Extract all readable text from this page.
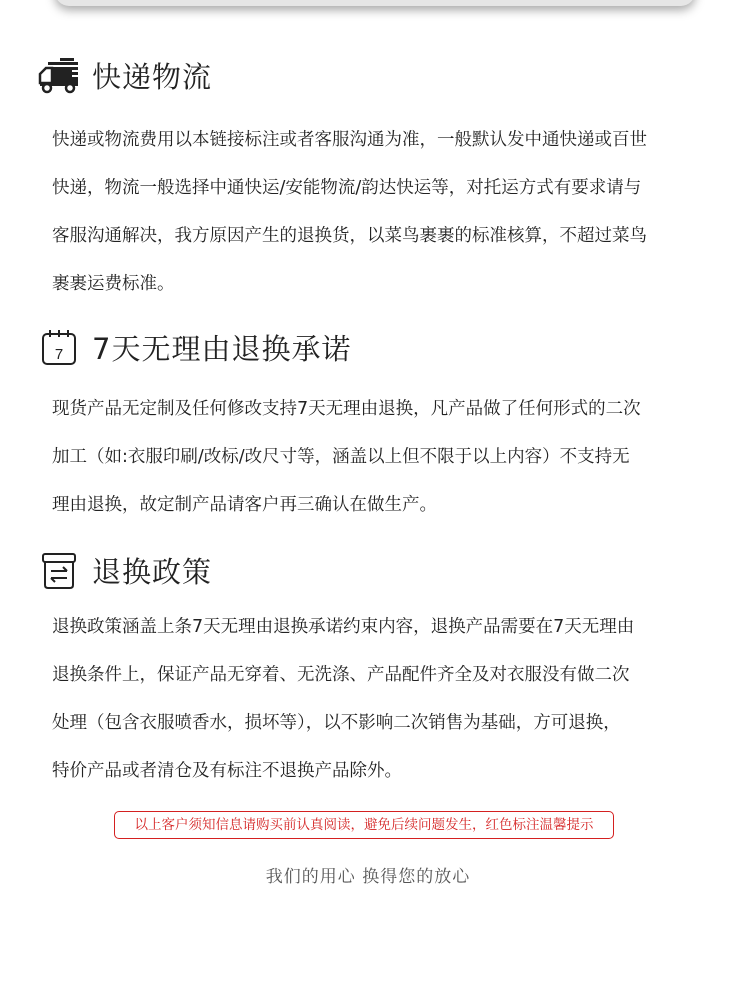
快递物流
快递或物流费用以本链接标注或者客服沟通为准，一般默认发中通快递或百世
快递，物流一般选择中通快运/安能物流/韵达快运等，对托运方式有要求请与
客服沟通解决，我方原因产生的退换货，以菜鸟裹裹的标准核算，不超过菜鸟
裹裹运费标准。
7 7天无理由退换承诺
现货产品无定制及任何修改支持7天无理由退换，凡产品做了任何形式的二次
加工（如:衣服印刷/改标/改尺寸等，涵盖以上但不限于以上内容）不支持无
理由退换，故定制产品请客户再三确认在做生产。
退换政策
退换政策涵盖上条7天无理由退换承诺约束内容，退换产品需要在7天无理由
退换条件上，保证产品无穿着、无洗涤、产品配件齐全及对衣服没有做二次
处理（包含衣服喷香水，损坏等），以不影响二次销售为基础，方可退换，
特价产品或者清仓及有标注不退换产品除外。
以上客户须知信息请购买前认真阅读，避免后续问题发生，红色标注温馨提示
我们的用心 换得您的放心
